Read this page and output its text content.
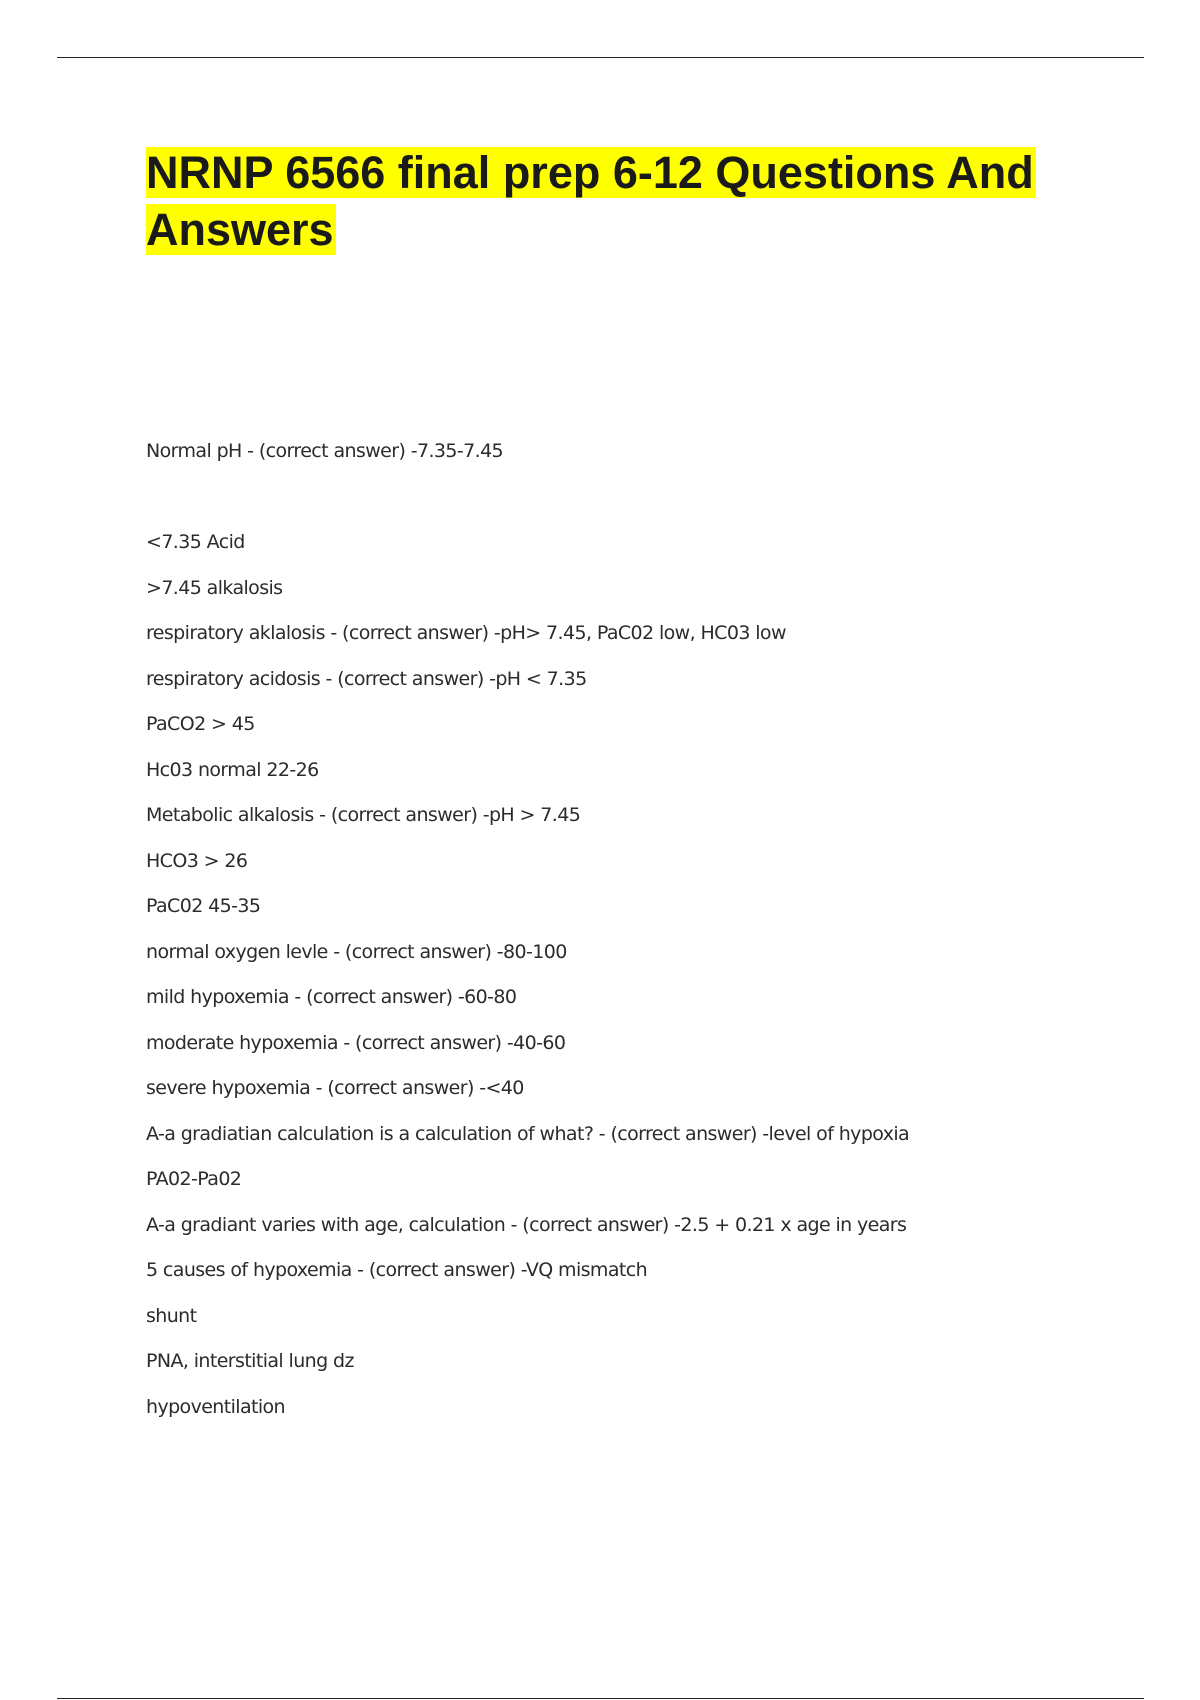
NRNP 6566 final prep 6-12 Questions And Answers
Normal pH - (correct answer) -7.35-7.45
<7.35 Acid
>7.45 alkalosis
respiratory aklalosis - (correct answer) -pH> 7.45, PaC02 low, HC03 low
respiratory acidosis - (correct answer) -pH < 7.35
PaCO2 > 45
Hc03 normal 22-26
Metabolic alkalosis - (correct answer) -pH > 7.45
HCO3 > 26
PaC02 45-35
normal oxygen levle - (correct answer) -80-100
mild hypoxemia - (correct answer) -60-80
moderate hypoxemia - (correct answer) -40-60
severe hypoxemia - (correct answer) -<40
A-a gradiatian calculation is a calculation of what? - (correct answer) -level of hypoxia
PA02-Pa02
A-a gradiant varies with age, calculation - (correct answer) -2.5 + 0.21 x age in years
5 causes of hypoxemia - (correct answer) -VQ mismatch
shunt
PNA, interstitial lung dz
hypoventilation
